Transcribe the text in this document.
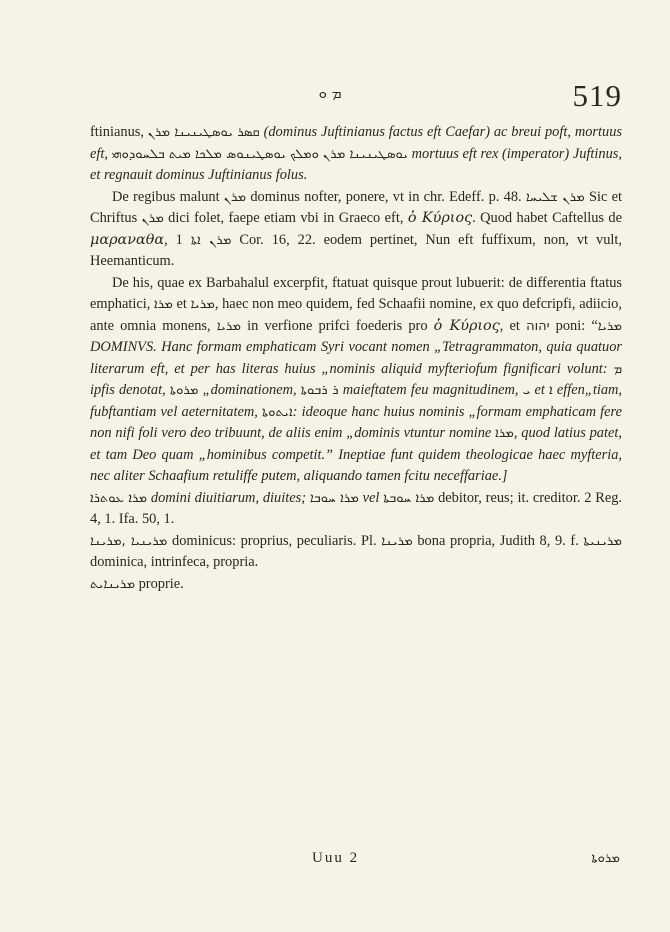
ܡ ܘ	519

ftinianus, ܩܣܪ ܝܘܣܛܝܢܝܢܐ ܡܪܢ (dominus Juftinianus factus eft Caefar) ac breui poft, mortuus eft, ܝܘܣܛܝܢܝܢܐ ܡܪܢ ܘܡܠܟ ܝܘܣܛܝܢܘܣ ܡܠܟܐ ܡܝܬ ܒܠܚܘܕܘܗܝ mortuus eft rex (imperator) Juftinus, et regnauit dominus Juftinianus folus.

De regibus malunt ܡܪܢ dominus nofter, ponere, vt in chr. Edeff. p. 48. ܡܪܢ ܫܠܝܚܐ Sic et Chriftus ܡܪܢ dici folet, faepe etiam vbi in Graeco eft, ὁ Κύριος. Quod habet Caftellus de μαραναθα, ܡܪܢ ܐܬܐ 1 Cor. 16, 22. eodem pertinet, Nun eft fuffixum, non, vt vult, Heemanticum.

De his, quae ex Barbahalul excerpfit, ftatuat quisque prout lubuerit: de differentia ftatus emphatici, ܡܪܐ et ܡܪܝܐ, haec non meo quidem, fed Schaafii nomine, ex quo defcripfi, adiicio, ante omnia monens, ܡܪܝܐ in verfione prifci foederis pro ὁ Κύριος, et יהוה poni: “ܡܪܝܐ DOMINVS. Hanc formam emphaticam Syri vocant nomen „Tetragrammaton, quia quatuor literarum eft, et per has literas huius „nominis aliquid myfteriofum fignificari volunt: ܡ ipfis denotat, ܡܪܘܬܐ „dominationem, ܪ ܪܒܘܬܐ maieftatem feu magnitudinem, ܝ et ܐ effen„tiam, fubftantiam vel aeternitatem, ܐܝܬܘܬܐ: ideoque hanc huius nominis „formam emphaticam fere non nifi foli vero deo tribuunt, de aliis enim „dominis vtuntur nomine ܡܪܐ, quod latius patet, et tam Deo quam „hominibus competit.” Ineptiae funt quidem theologicae haec myfteria, nec aliter Schaafium retuliffe putem, aliquando tamen fcitu neceffariae.]

ܡܪܐ ܥܘܬܪܐ domini diuitiarum, diuites; ܡܪܐ ܚܘܒܐ vel ܡܪܐ ܚܘܒܬܐ debitor, reus; it. creditor. 2 Reg. 4, 1. Ifa. 50, 1.

ܡܪܝܢܝܐ ,ܡܪܝܢܐ dominicus: proprius, peculiaris. Pl. ܡܪܝܢܐ bona propria, Judith 8, 9. f. ܡܪܝܢܝܬܐ dominica, intrinfeca, propria.

ܡܪܝܢܐܝܬ proprie.

Uuu 2	ܡܪܘܬܐ
